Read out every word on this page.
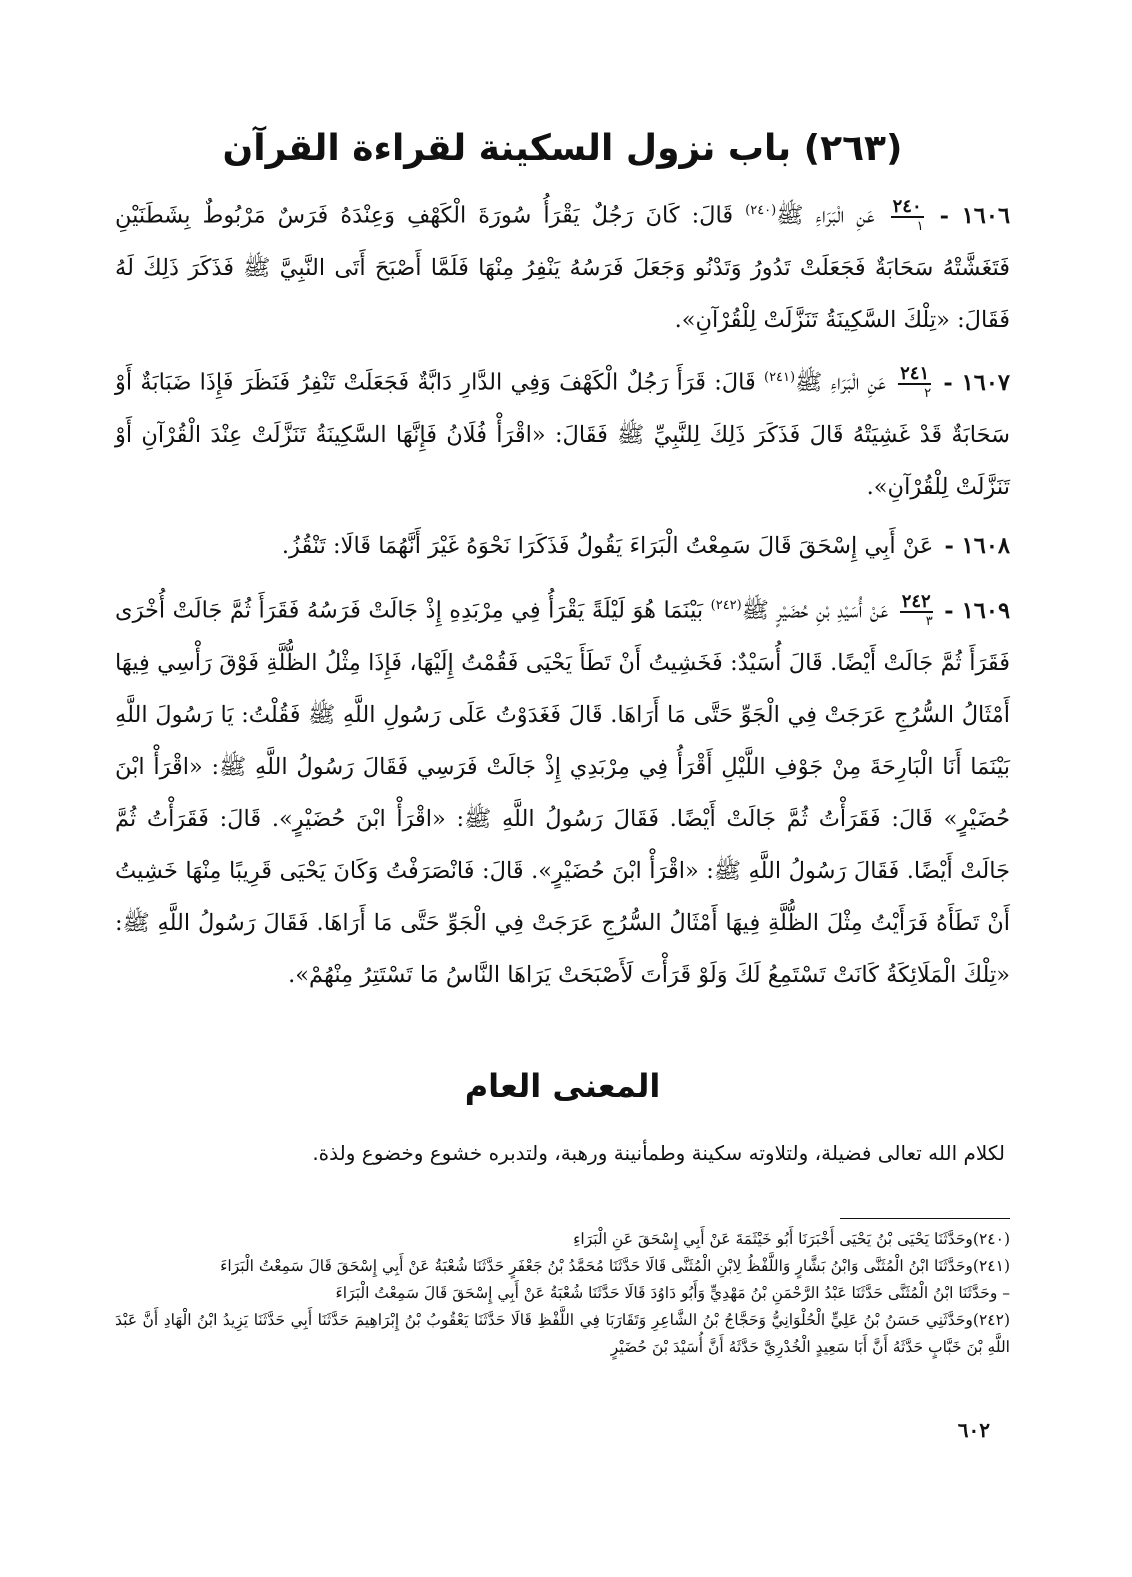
(٢٦٣) باب نزول السكينة لقراءة القرآن

١٦٠٦ -
$\frac{٢٤٠}{١}$
عَنِ الْبَرَاءِ ﷺ$^{(٢٤٠)}$ قَالَ: كَانَ رَجُلٌ يَقْرَأُ سُورَةَ الْكَهْفِ وَعِنْدَهُ فَرَسٌ مَرْبُوطٌ بِشَطَنَيْنِ فَتَغَشَّتْهُ سَحَابَةٌ فَجَعَلَتْ تَدُورُ وَتَدْنُو وَجَعَلَ فَرَسُهُ يَنْفِرُ مِنْهَا فَلَمَّا أَصْبَحَ أَتَى النَّبِيَّ ﷺ فَذَكَرَ ذَلِكَ لَهُ فَقَالَ: «تِلْكَ السَّكِينَةُ تَنَزَّلَتْ لِلْقُرْآنِ».

١٦٠٧ -
$\frac{٢٤١}{٢}$
عَنِ الْبَرَاءِ ﷺ$^{(٢٤١)}$ قَالَ: قَرَأَ رَجُلٌ الْكَهْفَ وَفِي الدَّارِ دَابَّةٌ فَجَعَلَتْ تَنْفِرُ فَنَظَرَ فَإِذَا ضَبَابَةٌ أَوْ سَحَابَةٌ قَدْ غَشِيَتْهُ قَالَ فَذَكَرَ ذَلِكَ لِلنَّبِيِّ ﷺ فَقَالَ: «اقْرَأْ فُلَانُ فَإِنَّهَا السَّكِينَةُ تَنَزَّلَتْ عِنْدَ الْقُرْآنِ أَوْ تَنَزَّلَتْ لِلْقُرْآنِ».

١٦٠٨ - عَنْ أَبِي إِسْحَقَ قَالَ سَمِعْتُ الْبَرَاءَ يَقُولُ فَذَكَرَا نَحْوَهُ غَيْرَ أَنَّهُمَا قَالَا: تَنْقُزُ.

١٦٠٩ -
$\frac{٢٤٢}{٣}$
عَنْ أُسَيْدِ بْنِ حُضَيْرٍ ﷺ$^{(٢٤٢)}$ بَيْنَمَا هُوَ لَيْلَةً يَقْرَأُ فِي مِرْبَدِهِ إِذْ جَالَتْ فَرَسُهُ فَقَرَأَ ثُمَّ جَالَتْ أُخْرَى فَقَرَأَ ثُمَّ جَالَتْ أَيْضًا. قَالَ أُسَيْدٌ: فَخَشِيتُ أَنْ تَطَأَ يَحْيَى فَقُمْتُ إِلَيْهَا، فَإِذَا مِثْلُ الظُّلَّةِ فَوْقَ رَأْسِي فِيهَا أَمْثَالُ السُّرُجِ عَرَجَتْ فِي الْجَوِّ حَتَّى مَا أَرَاهَا. قَالَ فَغَدَوْتُ عَلَى رَسُولِ اللَّهِ ﷺ فَقُلْتُ: يَا رَسُولَ اللَّهِ بَيْنَمَا أَنَا الْبَارِحَةَ مِنْ جَوْفِ اللَّيْلِ أَقْرَأُ فِي مِرْبَدِي إِذْ جَالَتْ فَرَسِي فَقَالَ رَسُولُ اللَّهِ ﷺ: «اقْرَأْ ابْنَ حُضَيْرٍ» قَالَ: فَقَرَأْتُ ثُمَّ جَالَتْ أَيْضًا. فَقَالَ رَسُولُ اللَّهِ ﷺ: «اقْرَأْ ابْنَ حُضَيْرٍ». قَالَ: فَقَرَأْتُ ثُمَّ جَالَتْ أَيْضًا. فَقَالَ رَسُولُ اللَّهِ ﷺ: «اقْرَأْ ابْنَ حُضَيْرٍ». قَالَ: فَانْصَرَفْتُ وَكَانَ يَحْيَى قَرِيبًا مِنْهَا خَشِيتُ أَنْ تَطَأَهُ فَرَأَيْتُ مِثْلَ الظُّلَّةِ فِيهَا أَمْثَالُ السُّرُجِ عَرَجَتْ فِي الْجَوِّ حَتَّى مَا أَرَاهَا. فَقَالَ رَسُولُ اللَّهِ ﷺ: «تِلْكَ الْمَلَائِكَةُ كَانَتْ تَسْتَمِعُ لَكَ وَلَوْ قَرَأْتَ لَأَصْبَحَتْ يَرَاهَا النَّاسُ مَا تَسْتَتِرُ مِنْهُمْ».

المعنى العام

لكلام الله تعالى فضيلة، ولتلاوته سكينة وطمأنينة ورهبة، ولتدبره خشوع وخضوع ولذة.

(٢٤٠)وحَدَّثَنَا يَحْيَى بْنُ يَحْيَى أَخْبَرَنَا أَبُو خَيْثَمَةَ عَنْ أَبِي إِسْحَقَ عَنِ الْبَرَاءِ

(٢٤١)وحَدَّثَنَا ابْنُ الْمُثَنَّى وَابْنُ بَشَّارٍ وَاللَّفْظُ لِابْنِ الْمُثَنَّى قَالَا حَدَّثَنَا مُحَمَّدُ بْنُ جَعْفَرٍ حَدَّثَنَا شُعْبَةُ عَنْ أَبِي إِسْحَقَ قَالَ سَمِعْتُ الْبَرَاءَ

– وحَدَّثَنَا ابْنُ الْمُثَنَّى حَدَّثَنَا عَبْدُ الرَّحْمَنِ بْنُ مَهْدِيٍّ وَأَبُو دَاوُدَ قَالَا حَدَّثَنَا شُعْبَةُ عَنْ أَبِي إِسْحَقَ قَالَ سَمِعْتُ الْبَرَاءَ

(٢٤٢)وحَدَّثَنِي حَسَنُ بْنُ عَلِيٍّ الْحُلْوَانِيُّ وَحَجَّاجُ بْنُ الشَّاعِرِ وَتَقَارَبَا فِي اللَّفْظِ قَالَا حَدَّثَنَا يَعْقُوبُ بْنُ إِبْرَاهِيمَ حَدَّثَنَا أَبِي حَدَّثَنَا يَزِيدُ ابْنُ الْهَادِ أَنَّ عَبْدَ اللَّهِ بْنَ خَبَّابٍ حَدَّثَهُ أَنَّ أَبَا سَعِيدٍ الْخُدْرِيَّ حَدَّثَهُ أَنَّ أُسَيْدَ بْنَ حُضَيْرٍ

٦٠٢
